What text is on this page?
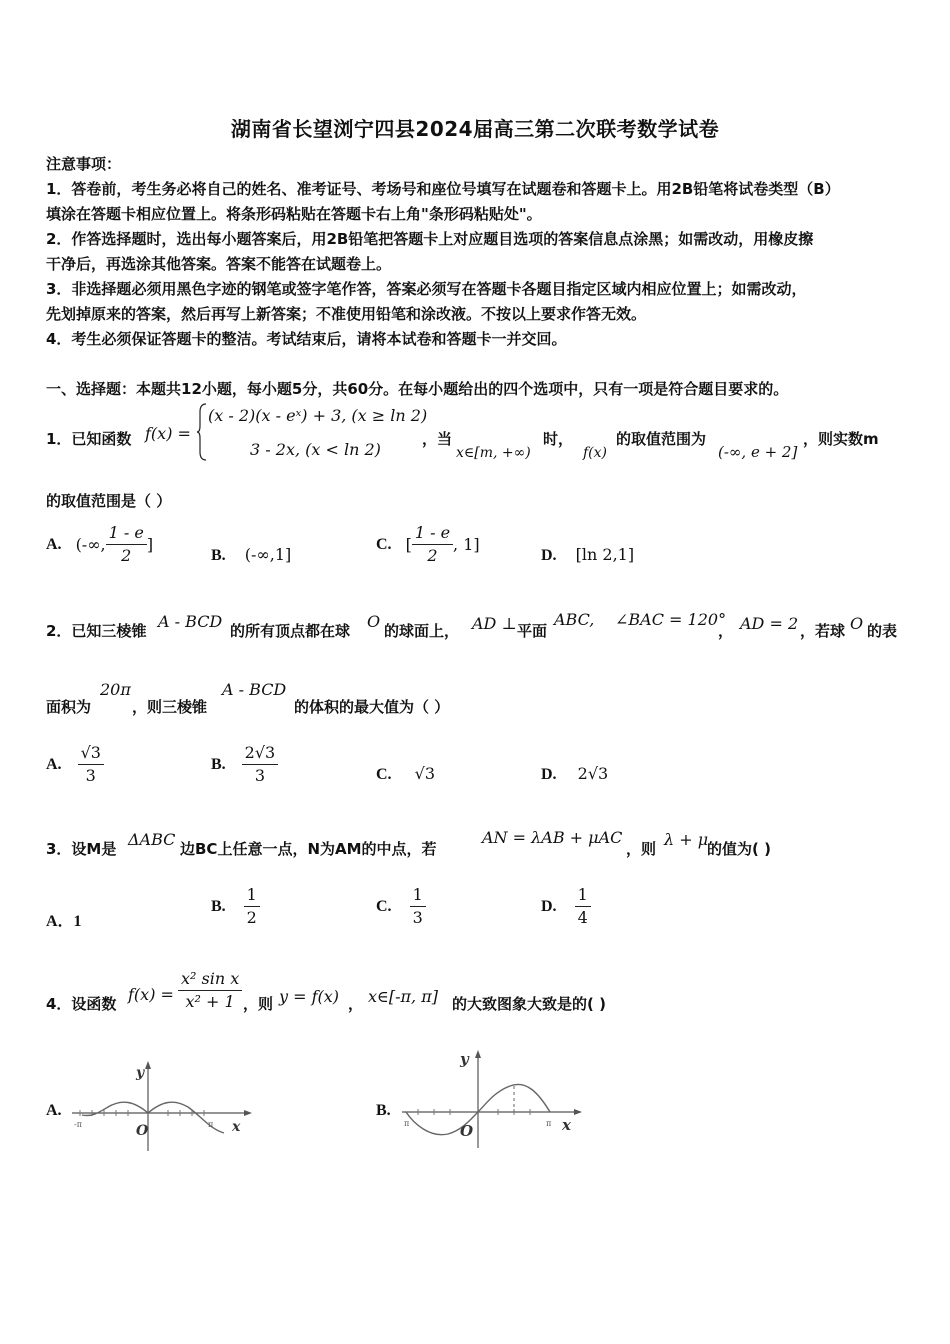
湖南省长望浏宁四县2024届高三第二次联考数学试卷
注意事项：
1．答卷前，考生务必将自己的姓名、准考证号、考场号和座位号填写在试题卷和答题卡上。用2B铅笔将试卷类型（B）
填涂在答题卡相应位置上。将条形码粘贴在答题卡右上角"条形码粘贴处"。
2．作答选择题时，选出每小题答案后，用2B铅笔把答题卡上对应题目选项的答案信息点涂黑；如需改动，用橡皮擦
干净后，再选涂其他答案。答案不能答在试题卷上。
3．非选择题必须用黑色字迹的钢笔或签字笔作答，答案必须写在答题卡各题目指定区域内相应位置上；如需改动，
先划掉原来的答案，然后再写上新答案；不准使用铅笔和涂改液。不按以上要求作答无效。
4．考生必须保证答题卡的整洁。考试结束后，请将本试卷和答题卡一并交回。
一、选择题：本题共12小题，每小题5分，共60分。在每小题给出的四个选项中，只有一项是符合题目要求的。
1．已知函数 f(x) =
(x - 2)(x - eˣ) + 3, (x ≥ ln 2)
3 - 2x, (x < ln 2)
，当
x∈[m, +∞)
时，
f(x)
的取值范围为
(-∞, e + 2]
，则实数m
的取值范围是（ ）
A. (-∞, $\frac{1 - e}{2}$ ]
B. (-∞,1]
C. [ $\frac{1 - e}{2}$ , 1]
D. [ln 2,1]
2．已知三棱锥 A - BCD 的所有顶点都在球 O 的球面上， AD ⊥ 平面
ABC, ∠BAC = 120°
， AD = 2 ，若球 O 的表
面积为
20π
，则三棱锥
A - BCD
的体积的最大值为（ ）
A. $\frac{√3}{3}$	B. $\frac{2√3}{3}$	C. √3	D. 2√3
3．设M是 ΔABC 边BC上任意一点，N为AM的中点，若
AN = λAB + μAC
，则 λ + μ
的值为( )
A．1
B. $\frac{1}{2}$	C. $\frac{1}{3}$	D. $\frac{1}{4}$
4．设函数 $f(x) = \frac{\text{x² sin x}}{\text{x² + 1}}$ ，则 y = f(x) ， x∈[-π, π] 的大致图象大致是的( )
A.
y
O	x
-π	π
B.
y
O	x
π	π
